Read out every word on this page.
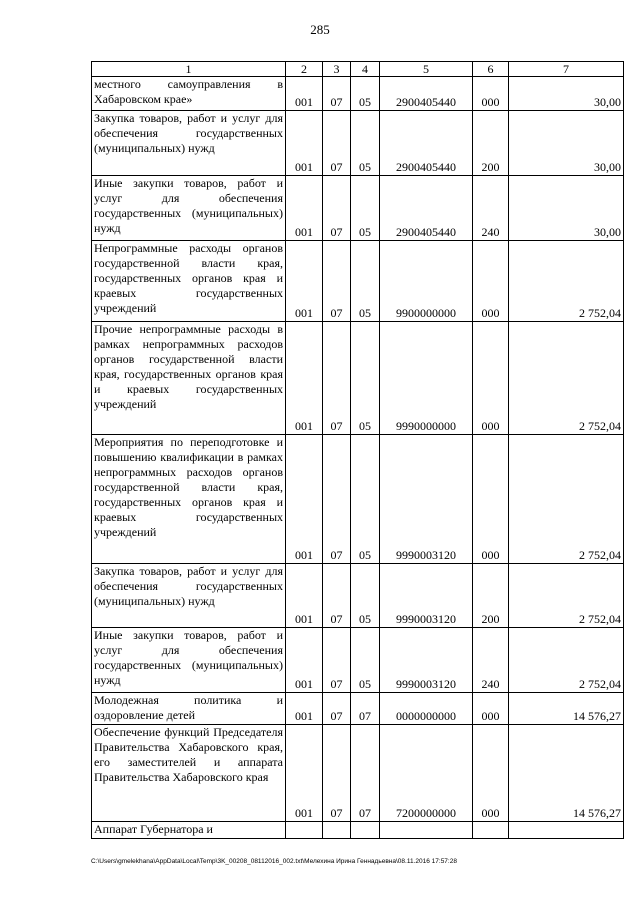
285
1	2	3	4	5	6	7
местного самоуправления в Хабаровском крае»	001	07	05	2900405440	000	30,00
Закупка товаров, работ и услуг для обеспечения государственных (муниципальных) нужд	001	07	05	2900405440	200	30,00
Иные закупки товаров, работ и услуг для обеспечения государственных (муниципальных) нужд	001	07	05	2900405440	240	30,00
Непрограммные расходы органов государственной власти края, государственных органов края и краевых государственных учреждений	001	07	05	9900000000	000	2 752,04
Прочие непрограммные расходы в рамках непрограммных расходов органов государственной власти края, государственных органов края и краевых государственных учреждений	001	07	05	9990000000	000	2 752,04
Мероприятия по переподготовке и повышению квалификации в рамках непрограммных расходов органов государственной власти края, государственных органов края и краевых государственных учреждений	001	07	05	9990003120	000	2 752,04
Закупка товаров, работ и услуг для обеспечения государственных (муниципальных) нужд	001	07	05	9990003120	200	2 752,04
Иные закупки товаров, работ и услуг для обеспечения государственных (муниципальных) нужд	001	07	05	9990003120	240	2 752,04
Молодежная политика и оздоровление детей	001	07	07	0000000000	000	14 576,27
Обеспечение функций Председателя Правительства Хабаровского края, его заместителей и аппарата Правительства Хабаровского края	001	07	07	7200000000	000	14 576,27
Аппарат Губернатора и						
C:\Users\gmelekhana\AppData\Local\Temp\3K_00208_08112016_002.txt\Мелехина Ирина Геннадьевна\08.11.2016 17:57:28
